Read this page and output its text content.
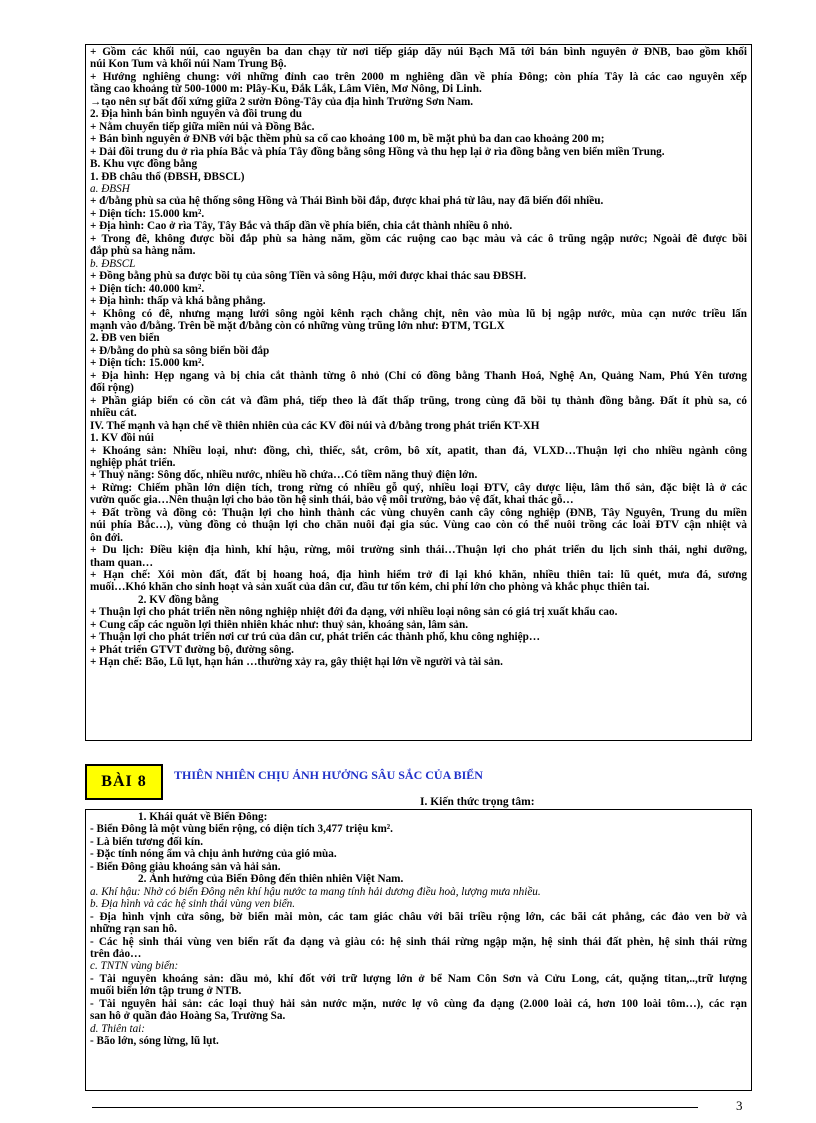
+ Gồm các khối núi, cao nguyên ba dan chạy từ nơi tiếp giáp dãy núi Bạch Mã tới bán bình nguyên ở ĐNB, bao gồm khối
núi Kon Tum và khối núi Nam Trung Bộ.
+ Hướng nghiêng chung: với những đỉnh cao trên 2000 m nghiêng dần về phía Đông; còn phía Tây là các cao nguyên xếp
tầng cao khoảng từ 500-1000 m: Plây-Ku, Đắk Lắk, Lâm Viên, Mơ Nông, Di Linh.
→tạo nên sự bất đối xứng giữa 2 sườn Đông-Tây của địa hình Trường Sơn Nam.
2. Địa hình bán bình nguyên và đồi trung du
+ Nằm chuyển tiếp giữa miền núi và Đồng Bắc.
+ Bán bình nguyên ở ĐNB với bậc thềm phù sa cổ cao khoảng 100 m, bề mặt phủ ba dan cao khoảng 200 m;
+ Dải đồi trung du ở rìa phía Bắc và phía Tây đồng bằng sông Hồng và thu hẹp lại ở rìa đồng bằng ven biển miền Trung.
B. Khu vực đồng bằng
1. ĐB châu thổ (ĐBSH, ĐBSCL)
a. ĐBSH
+ đ/bằng phù sa của hệ thống sông Hồng và Thái Bình bồi đắp, được khai phá từ lâu, nay đã biến đổi nhiều.
+ Diện tích: 15.000 km².
+ Địa hình: Cao ở rìa Tây, Tây Bắc và thấp dần về phía biển, chia cắt thành nhiều ô nhỏ.
+ Trong đê, không được bồi đắp phù sa hàng năm, gồm các ruộng cao bạc màu và các ô trũng ngập nước; Ngoài đê được bồi
đắp phù sa hàng năm.
b. ĐBSCL
+ Đồng bằng phù sa được bồi tụ của sông Tiền và sông Hậu, mới được khai thác sau ĐBSH.
+ Diện tích: 40.000 km².
+ Địa hình: thấp và khá bằng phẳng.
+ Không có đê, nhưng mạng lưới sông ngòi kênh rạch chằng chịt, nên vào mùa lũ bị ngập nước, mùa cạn nước triều lấn
mạnh vào đ/bằng. Trên bề mặt đ/bằng còn có những vùng trũng lớn như: ĐTM, TGLX
2. ĐB ven biển
+ Đ/bằng do phù sa sông biển bồi đắp
+ Diện tích: 15.000 km².
+ Địa hình: Hẹp ngang và bị chia cắt thành từng ô nhỏ (Chỉ có đồng bằng Thanh Hoá, Nghệ An, Quảng Nam, Phú Yên tương
đối rộng)
+ Phần giáp biển có cồn cát và đầm phá, tiếp theo là đất thấp trũng, trong cùng đã bồi tụ thành đồng bằng. Đất ít phù sa, có
nhiều cát.
IV. Thế mạnh và hạn chế về thiên nhiên của các KV đồi núi và đ/bằng trong phát triển KT-XH
1. KV đồi núi
+ Khoáng sản: Nhiều loại, như: đồng, chì, thiếc, sắt, crôm, bô xít, apatit, than đá, VLXD…Thuận lợi cho nhiều ngành công
nghiệp phát triển.
+ Thuỷ năng: Sông dốc, nhiều nước, nhiều hồ chứa…Có tiềm năng thuỷ điện lớn.
+ Rừng: Chiếm phần lớn diện tích, trong rừng có nhiều gỗ quý, nhiều loại ĐTV, cây dược liệu, lâm thổ sản, đặc biệt là ở các
vườn quốc gia…Nên thuận lợi cho bảo tồn hệ sinh thái, bảo vệ môi trường, bảo vệ đất, khai thác gỗ…
+ Đất trồng và đồng cỏ: Thuận lợi cho hình thành các vùng chuyên canh cây công nghiệp (ĐNB, Tây Nguyên, Trung du miền
núi phía Bắc…), vùng đồng cỏ thuận lợi cho chăn nuôi đại gia súc. Vùng cao còn có thể nuôi trồng các loài ĐTV cận nhiệt và
ôn đới.
+ Du lịch: Điều kiện địa hình, khí hậu, rừng, môi trường sinh thái…Thuận lợi cho phát triển du lịch sinh thái, nghỉ dưỡng,
tham quan…
+ Hạn chế: Xói mòn đất, đất bị hoang hoá, địa hình hiểm trở đi lại khó khăn, nhiều thiên tai: lũ quét, mưa đá, sương
muối…Khó khăn cho sinh hoạt và sản xuất của dân cư, đầu tư tốn kém, chi phí lớn cho phòng và khắc phục thiên tai.
2. KV đồng bằng
+ Thuận lợi cho phát triển nền nông nghiệp nhiệt đới đa dạng, với nhiều loại nông sản có giá trị xuất khẩu cao.
+ Cung cấp các nguồn lợi thiên nhiên khác như: thuỷ sản, khoáng sản, lâm sản.
+ Thuận lợi cho phát triển nơi cư trú của dân cư, phát triển các thành phố, khu công nghiệp…
+ Phát triển GTVT đường bộ, đường sông.
+ Hạn chế: Bão, Lũ lụt, hạn hán …thường xảy ra, gây thiệt hại lớn về người và tài sản.
BÀI 8 THIÊN NHIÊN CHỊU ẢNH HƯỞNG SÂU SẮC CỦA BIỂN
I. Kiến thức trọng tâm:
1. Khái quát về Biển Đông:
- Biển Đông là một vùng biển rộng, có diện tích 3,477 triệu km².
- Là biển tương đối kín.
- Đặc tính nóng ẩm và chịu ảnh hưởng của gió mùa.
- Biển Đông giàu khoáng sản và hải sản.
2. Ảnh hưởng của Biển Đông đến thiên nhiên Việt Nam.
a. Khí hậu: Nhờ có biển Đông nên khí hậu nước ta mang tính hải dương điều hoà, lượng mưa nhiều.
b. Địa hình và các hệ sinh thái vùng ven biển.
- Địa hình vịnh cửa sông, bờ biển mài mòn, các tam giác châu với bãi triều rộng lớn, các bãi cát phẳng, các đảo ven bờ và
những rạn san hô.
- Các hệ sinh thái vùng ven biển rất đa dạng và giàu có: hệ sinh thái rừng ngập mặn, hệ sinh thái đất phèn, hệ sinh thái rừng
trên đảo…
c. TNTN vùng biển:
- Tài nguyên khoáng sản: dầu mỏ, khí đốt với trữ lượng lớn ở bể Nam Côn Sơn và Cửu Long, cát, quặng titan,..,trữ lượng
muối biển lớn tập trung ở NTB.
- Tài nguyên hải sản: các loại thuỷ hải sản nước mặn, nước lợ vô cùng đa dạng (2.000 loài cá, hơn 100 loài tôm…), các rạn
san hô ở quần đảo Hoàng Sa, Trường Sa.
d. Thiên tai:
- Bão lớn, sóng lừng, lũ lụt.
3
